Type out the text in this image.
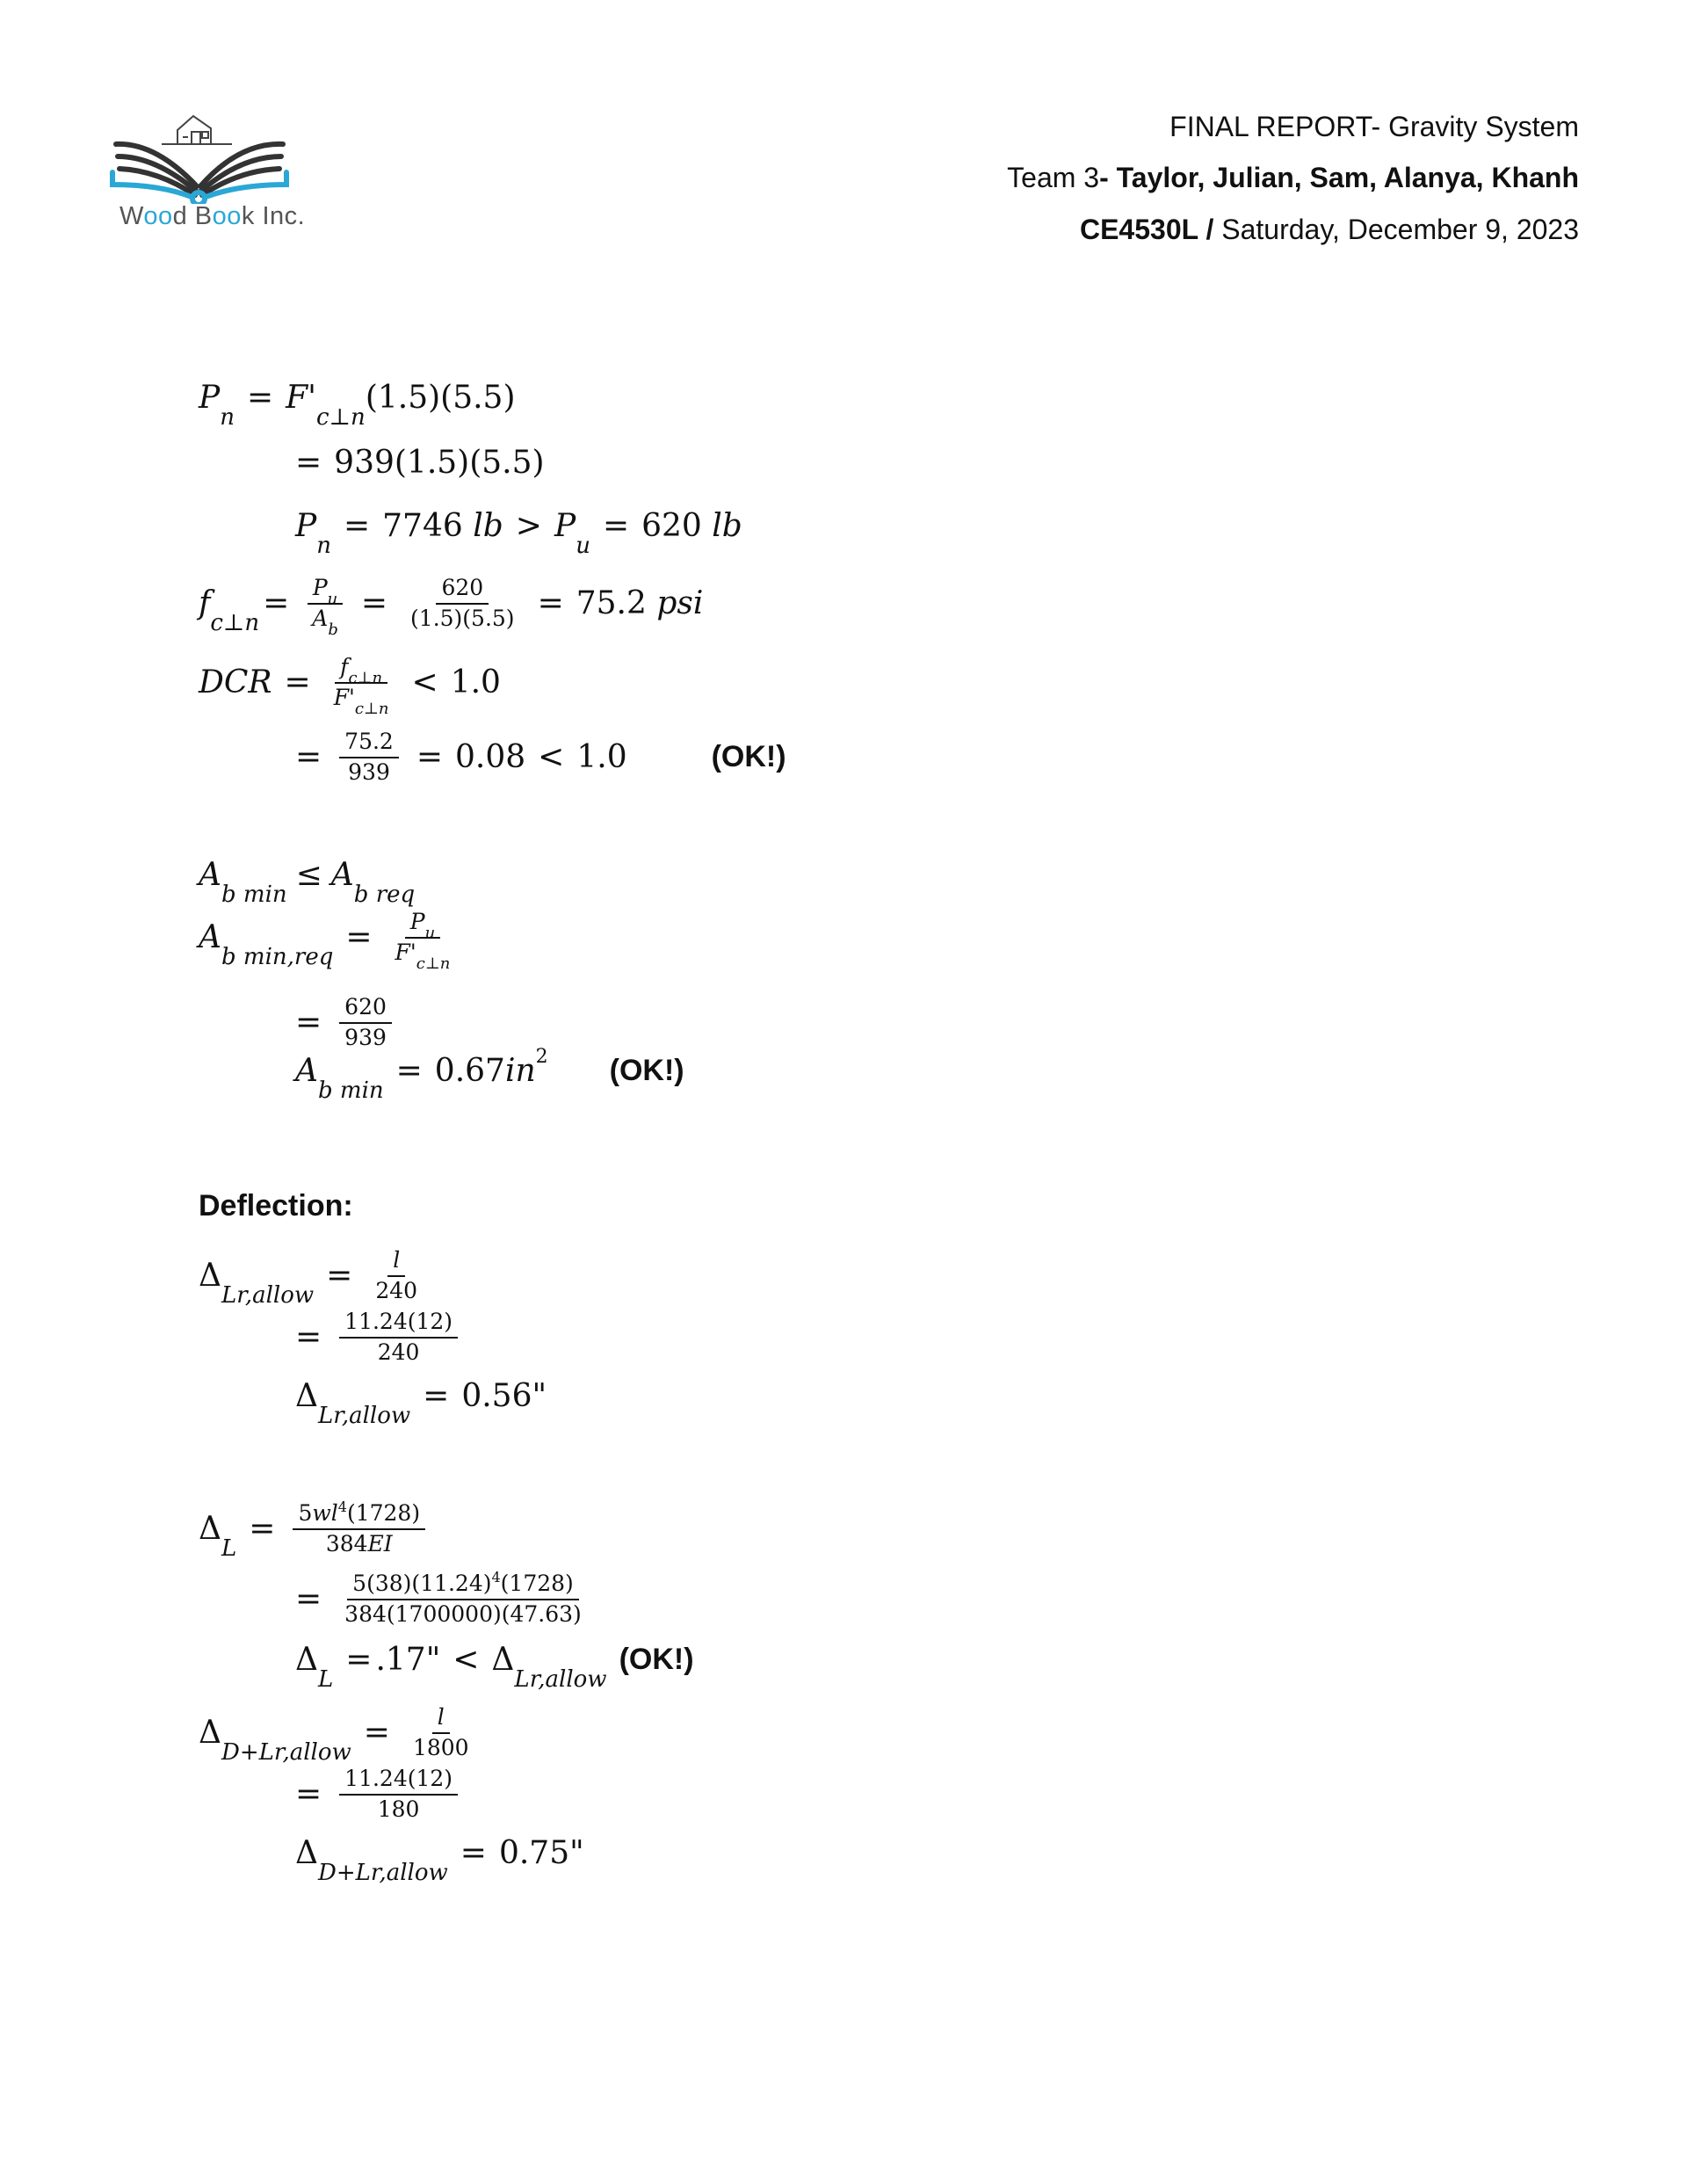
Wood Book Inc.
FINAL REPORT- Gravity System
Team 3- Taylor, Julian, Sam, Alanya, Khanh
CE4530L / Saturday, December 9, 2023
P
n
= F '
c⊥n
(1.5)(5.5)
= 939(1.5)(5.5)
P
n
= 7746
lb > P
u
= 620
lb
f
c⊥n
= $\frac{P_u}{A_b} = \frac{620}{(1.5)(5.5)} = 75.2$
psi
DCR = $\frac{f_{c\perp n}}{F'_{c\perp n}} < 1.0$
= $\frac{75.2}{939} = 0.08 < 1.0$	(OK!)
A
b min
≤ A
b req
A
b min,req
= $\frac{P_u}{F'_{c\perp n}}$
= $\frac{620}{939}$
A
b min
= 0.67 in 2 (OK!)
Deflection:
Δ
Lr,allow
= $\frac{l}{240}$
= $\frac{11.24(12)}{240}$
Δ
Lr,allow
= 0.56"
Δ
L
= $\frac{5wl^4(1728)}{384EI}$
= $\frac{5(38)(11.24)^4(1728)}{384(1700000)(47.63)}$
Δ
L
= .17" < Δ
Lr,allow
(OK!)
Δ
D+Lr,allow
= $\frac{l}{1800}$
= $\frac{11.24(12)}{180}$
Δ
D+Lr,allow
= 0.75"
